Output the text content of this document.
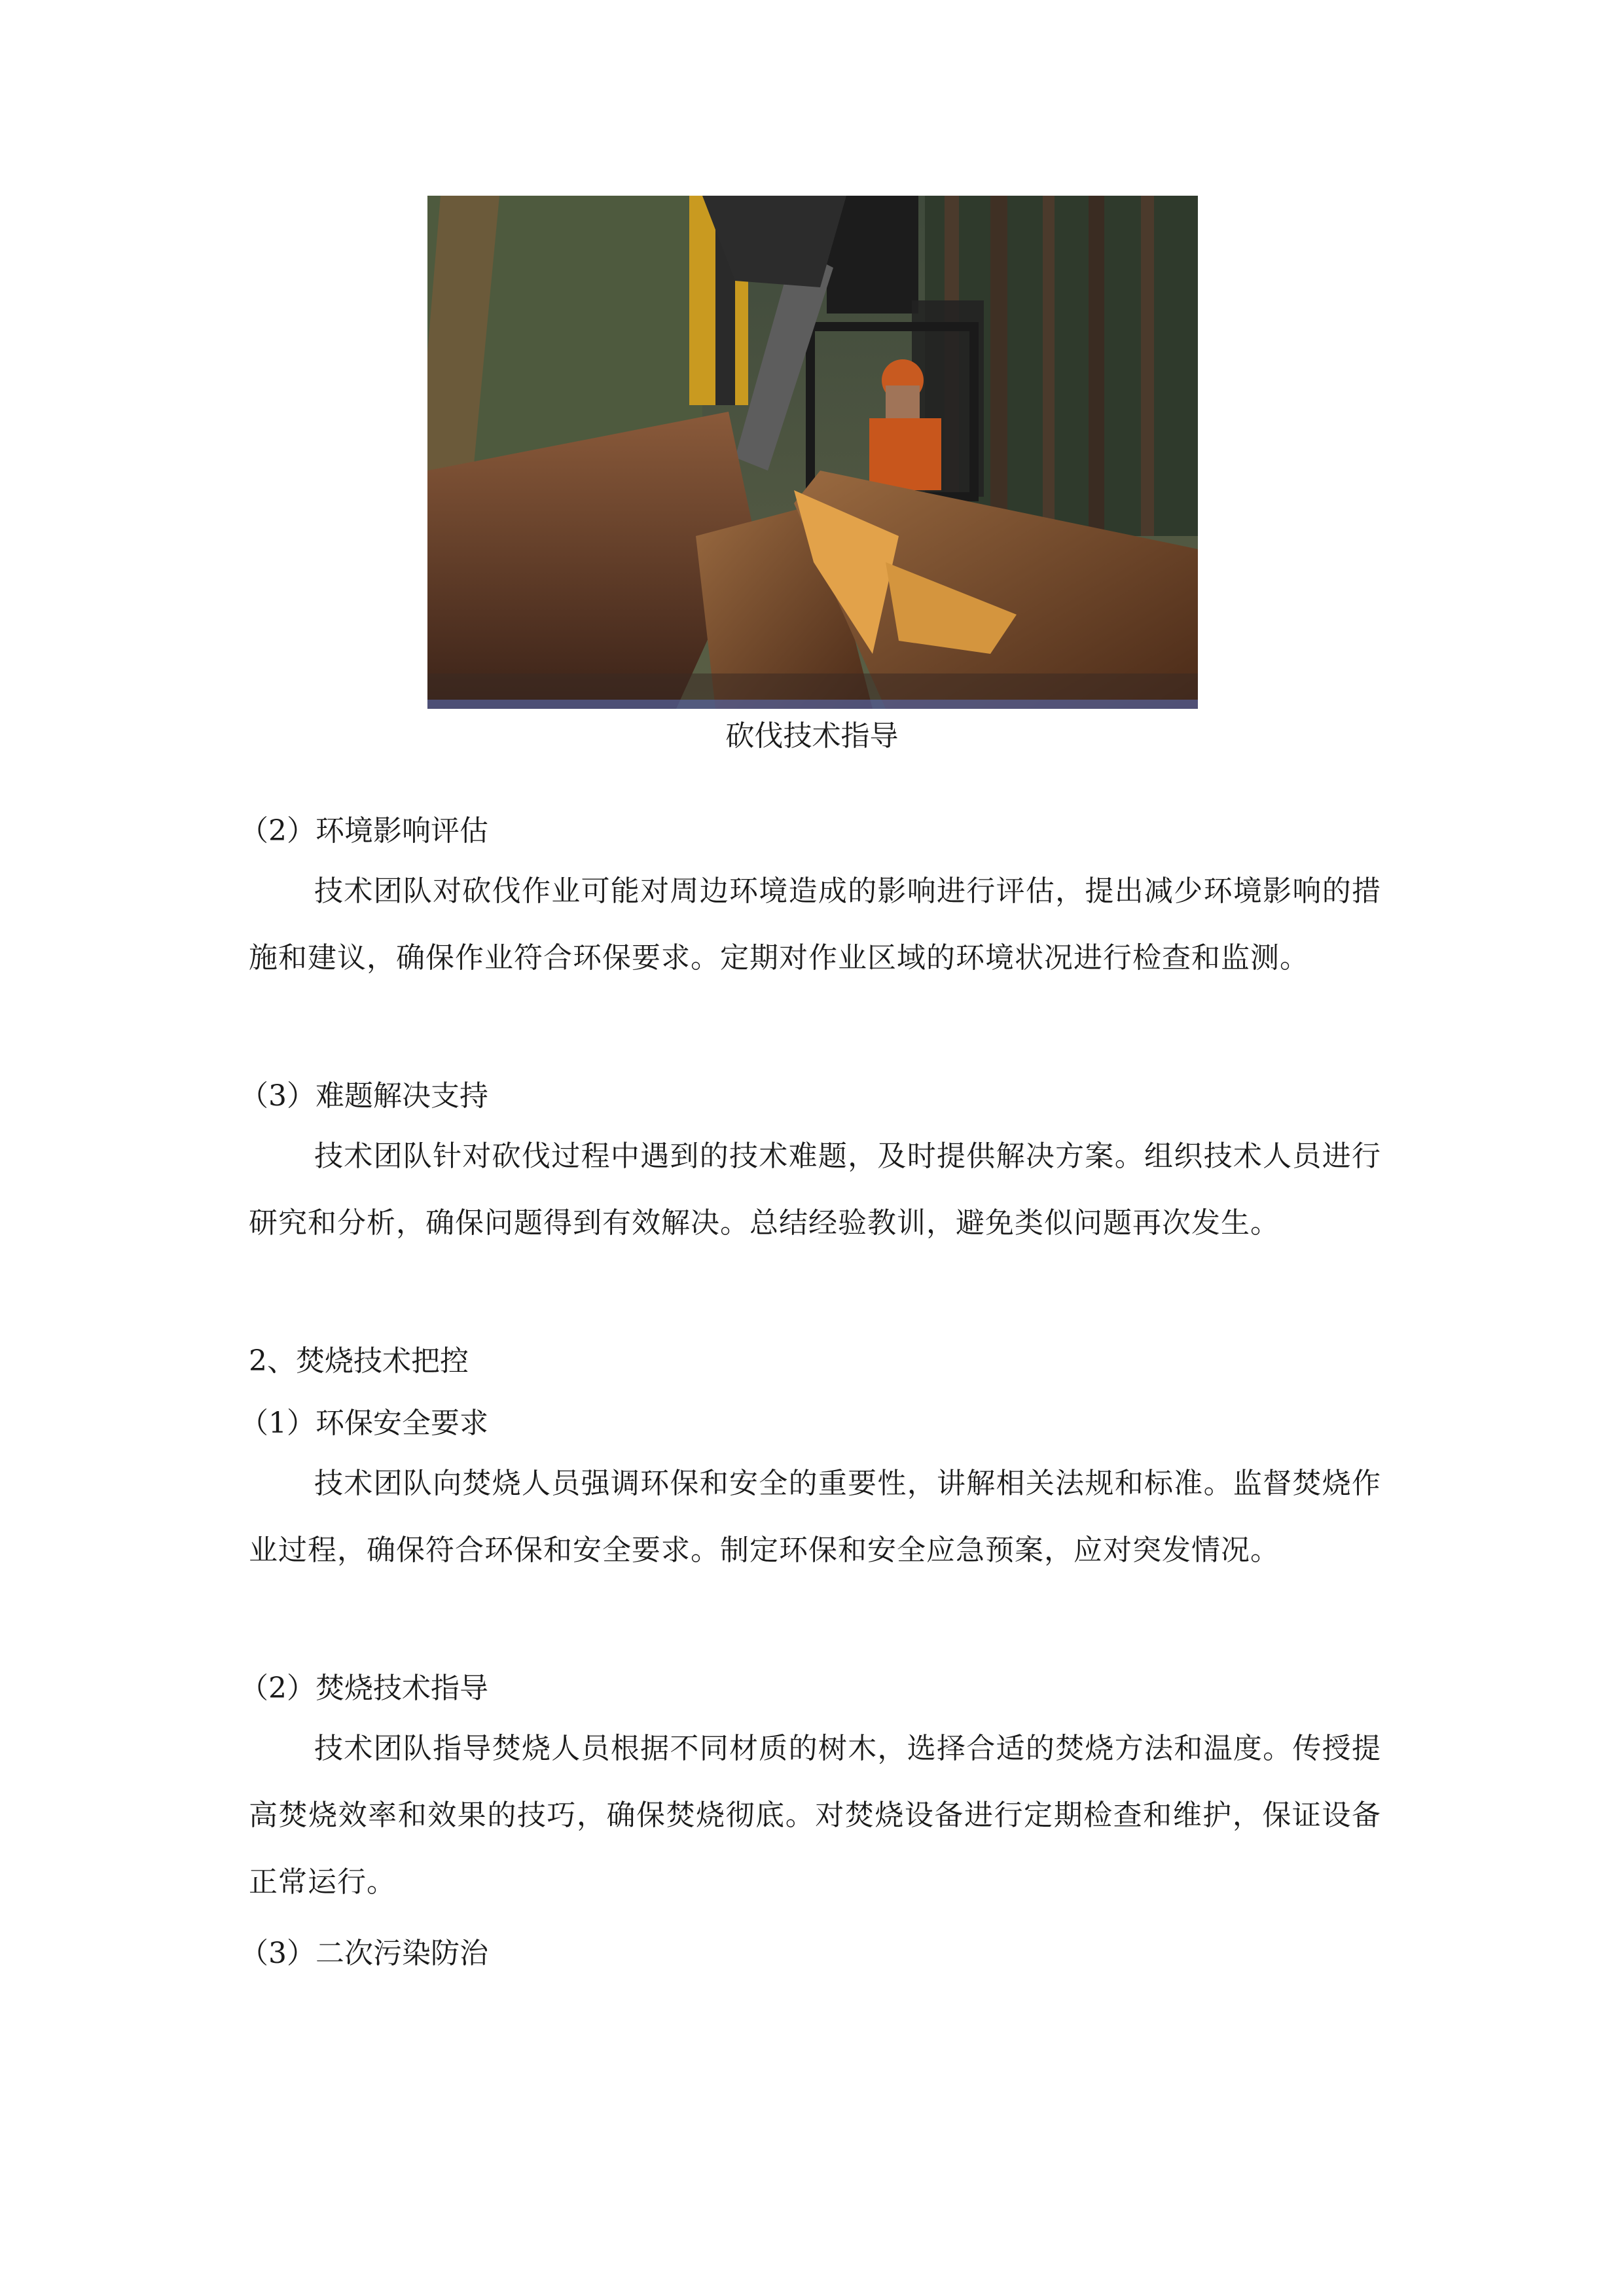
砍伐技术指导
（2）环境影响评估
技术团队对砍伐作业可能对周边环境造成的影响进行评估，提出减少环境影响的措施和建议，确保作业符合环保要求。定期对作业区域的环境状况进行检查和监测。
（3）难题解决支持
技术团队针对砍伐过程中遇到的技术难题，及时提供解决方案。组织技术人员进行研究和分析，确保问题得到有效解决。总结经验教训，避免类似问题再次发生。
2、焚烧技术把控
（1）环保安全要求
技术团队向焚烧人员强调环保和安全的重要性，讲解相关法规和标准。监督焚烧作业过程，确保符合环保和安全要求。制定环保和安全应急预案，应对突发情况。
（2）焚烧技术指导
技术团队指导焚烧人员根据不同材质的树木，选择合适的焚烧方法和温度。传授提高焚烧效率和效果的技巧，确保焚烧彻底。对焚烧设备进行定期检查和维护，保证设备正常运行。
（3）二次污染防治
